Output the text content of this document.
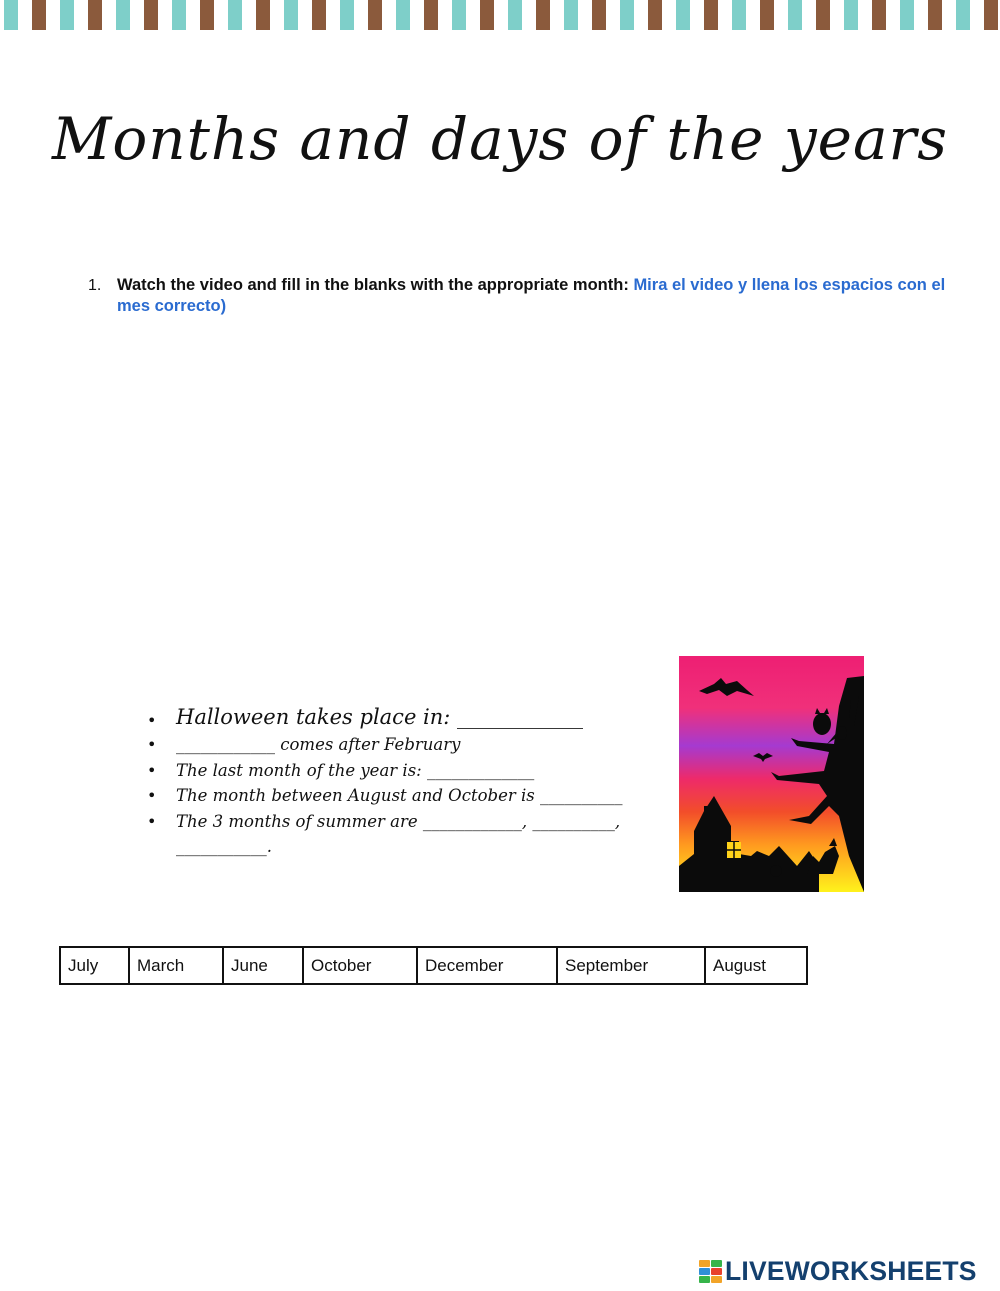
Months and days of the years
1. Watch the video and fill in the blanks with the appropriate month: Mira el video y llena los espacios con el mes correcto)
• Halloween takes place in: ____________
• ____________ comes after February
• The last month of the year is: _____________
• The month between August and October is __________
• The 3 months of summer are ____________, __________,
___________.
July	March	June	October	December	September	August
LIVEWORKSHEETS
